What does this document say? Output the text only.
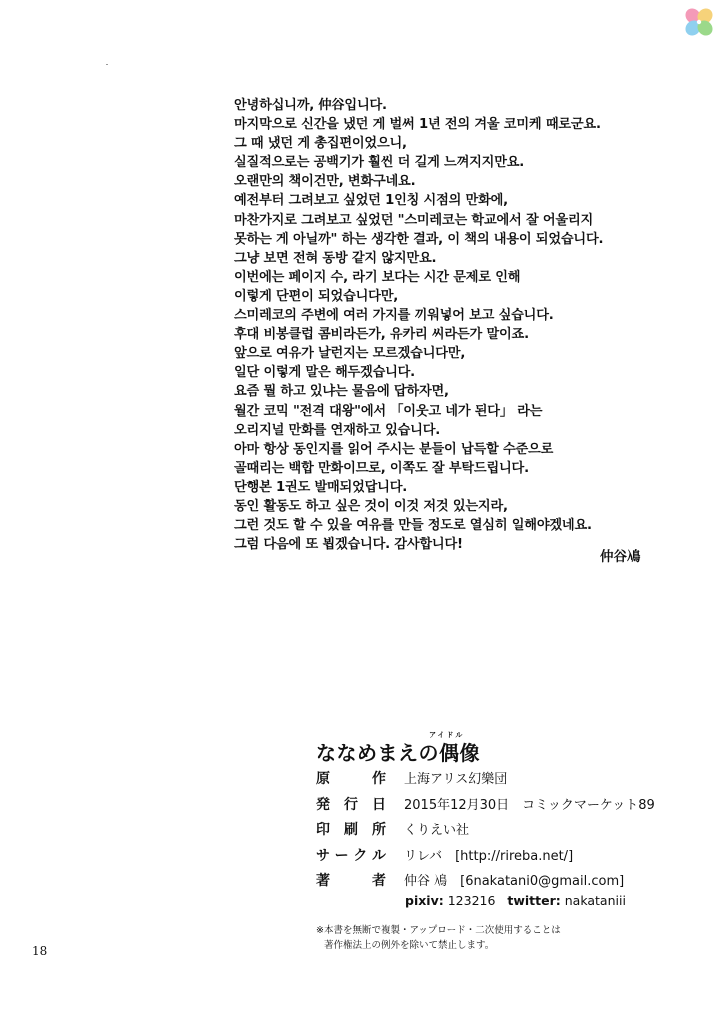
안녕하십니까, 仲谷입니다.
마지막으로 신간을 냈던 게 벌써 1년 전의 겨울 코미케 때로군요.
그 때 냈던 게 총집편이었으니,
실질적으로는 공백기가 훨씬 더 길게 느껴지지만요.
오랜만의 책이건만, 변화구네요.
예전부터 그려보고 싶었던 1인칭 시점의 만화에,
마찬가지로 그려보고 싶었던 "스미레코는 학교에서 잘 어울리지
못하는 게 아닐까" 하는 생각한 결과, 이 책의 내용이 되었습니다.
그냥 보면 전혀 동방 같지 않지만요.
이번에는 페이지 수, 라기 보다는 시간 문제로 인해
이렇게 단편이 되었습니다만,
스미레코의 주변에 여러 가지를 끼워넣어 보고 싶습니다.
후대 비봉클럽 콤비라든가, 유카리 씨라든가 말이죠.
앞으로 여유가 날런지는 모르겠습니다만,
일단 이렇게 말은 해두겠습니다.
요즘 뭘 하고 있냐는 물음에 답하자면,
월간 코믹 "전격 대왕"에서 「이웃고 네가 된다」 라는
오리지널 만화를 연재하고 있습니다.
아마 항상 동인지를 읽어 주시는 분들이 납득할 수준으로
골때리는 백합 만화이므로, 이쪽도 잘 부탁드립니다.
단행본 1권도 발매되었답니다.
동인 활동도 하고 싶은 것이 이것 저것 있는지라,
그런 것도 할 수 있을 여유를 만들 정도로 열심히 일해야겠네요.
그럼 다음에 또 뵙겠습니다. 감사합니다!
仲谷鳰
アイドル
ななめまえの偶像
原	作 上海アリス幻樂団
発 行 日 2015年12月30日　コミックマーケット89
印 刷 所 くりえい社
サ ー ク ル リレバ　[http://rireba.net/]
著	者 仲谷 鳰　[6nakatani0@gmail.com]
pixiv: 123216 twitter: nakataniii
※本書を無断で複製・アップロード・二次使用することは
著作権法上の例外を除いて禁止します。
18
